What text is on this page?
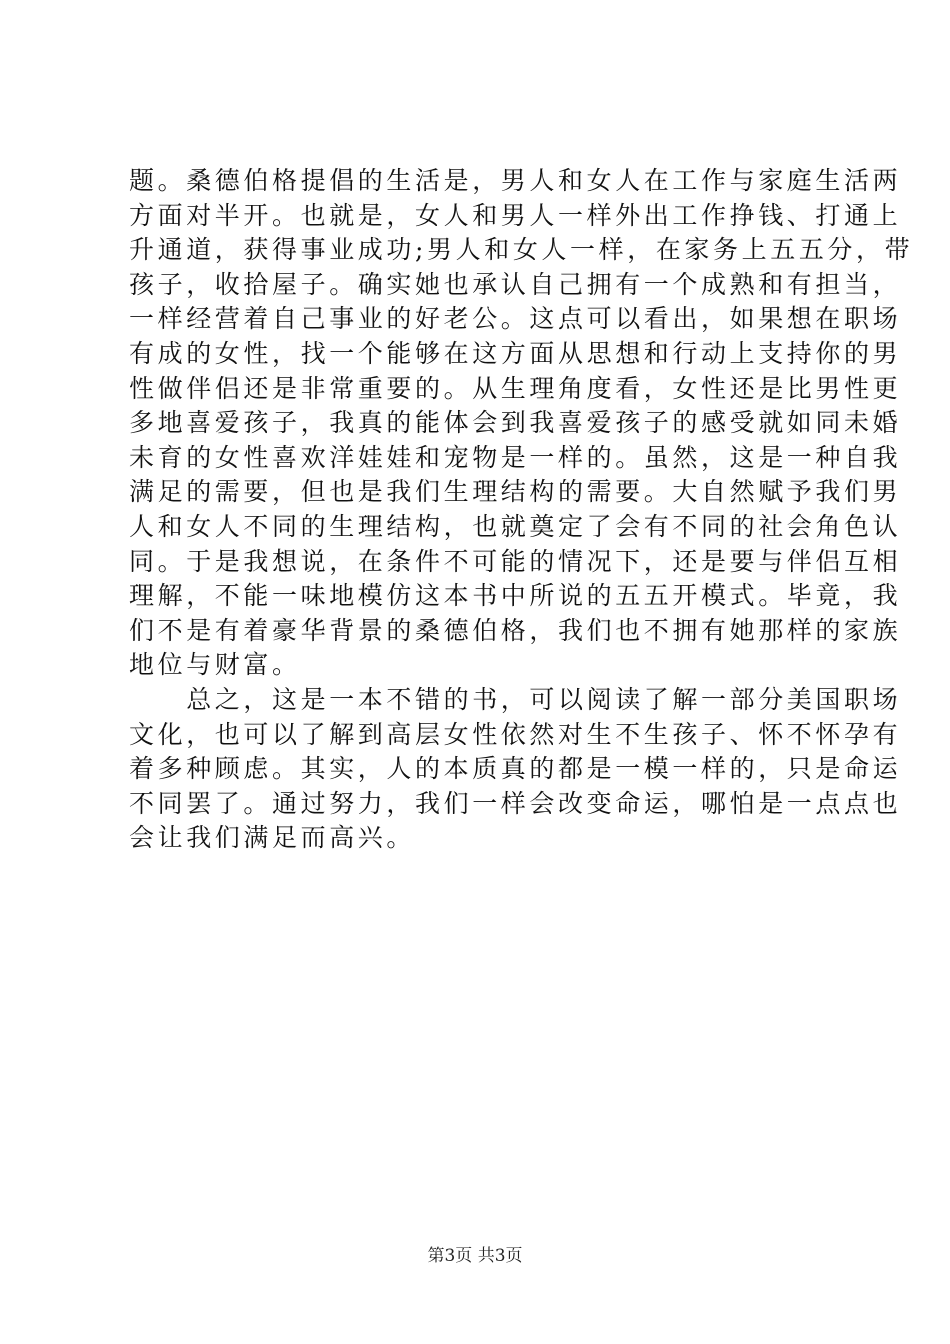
题。桑德伯格提倡的生活是，男人和女人在工作与家庭生活两
方面对半开。也就是，女人和男人一样外出工作挣钱、打通上
升通道，获得事业成功;男人和女人一样，在家务上五五分，带
孩子，收拾屋子。确实她也承认自己拥有一个成熟和有担当，
一样经营着自己事业的好老公。这点可以看出，如果想在职场
有成的女性，找一个能够在这方面从思想和行动上支持你的男
性做伴侣还是非常重要的。从生理角度看，女性还是比男性更
多地喜爱孩子，我真的能体会到我喜爱孩子的感受就如同未婚
未育的女性喜欢洋娃娃和宠物是一样的。虽然，这是一种自我
满足的需要，但也是我们生理结构的需要。大自然赋予我们男
人和女人不同的生理结构，也就奠定了会有不同的社会角色认
同。于是我想说，在条件不可能的情况下，还是要与伴侣互相
理解，不能一味地模仿这本书中所说的五五开模式。毕竟，我
们不是有着豪华背景的桑德伯格，我们也不拥有她那样的家族
地位与财富。
　　总之，这是一本不错的书，可以阅读了解一部分美国职场
文化，也可以了解到高层女性依然对生不生孩子、怀不怀孕有
着多种顾虑。其实，人的本质真的都是一模一样的，只是命运
不同罢了。通过努力，我们一样会改变命运，哪怕是一点点也
会让我们满足而高兴。
第3页 共3页
